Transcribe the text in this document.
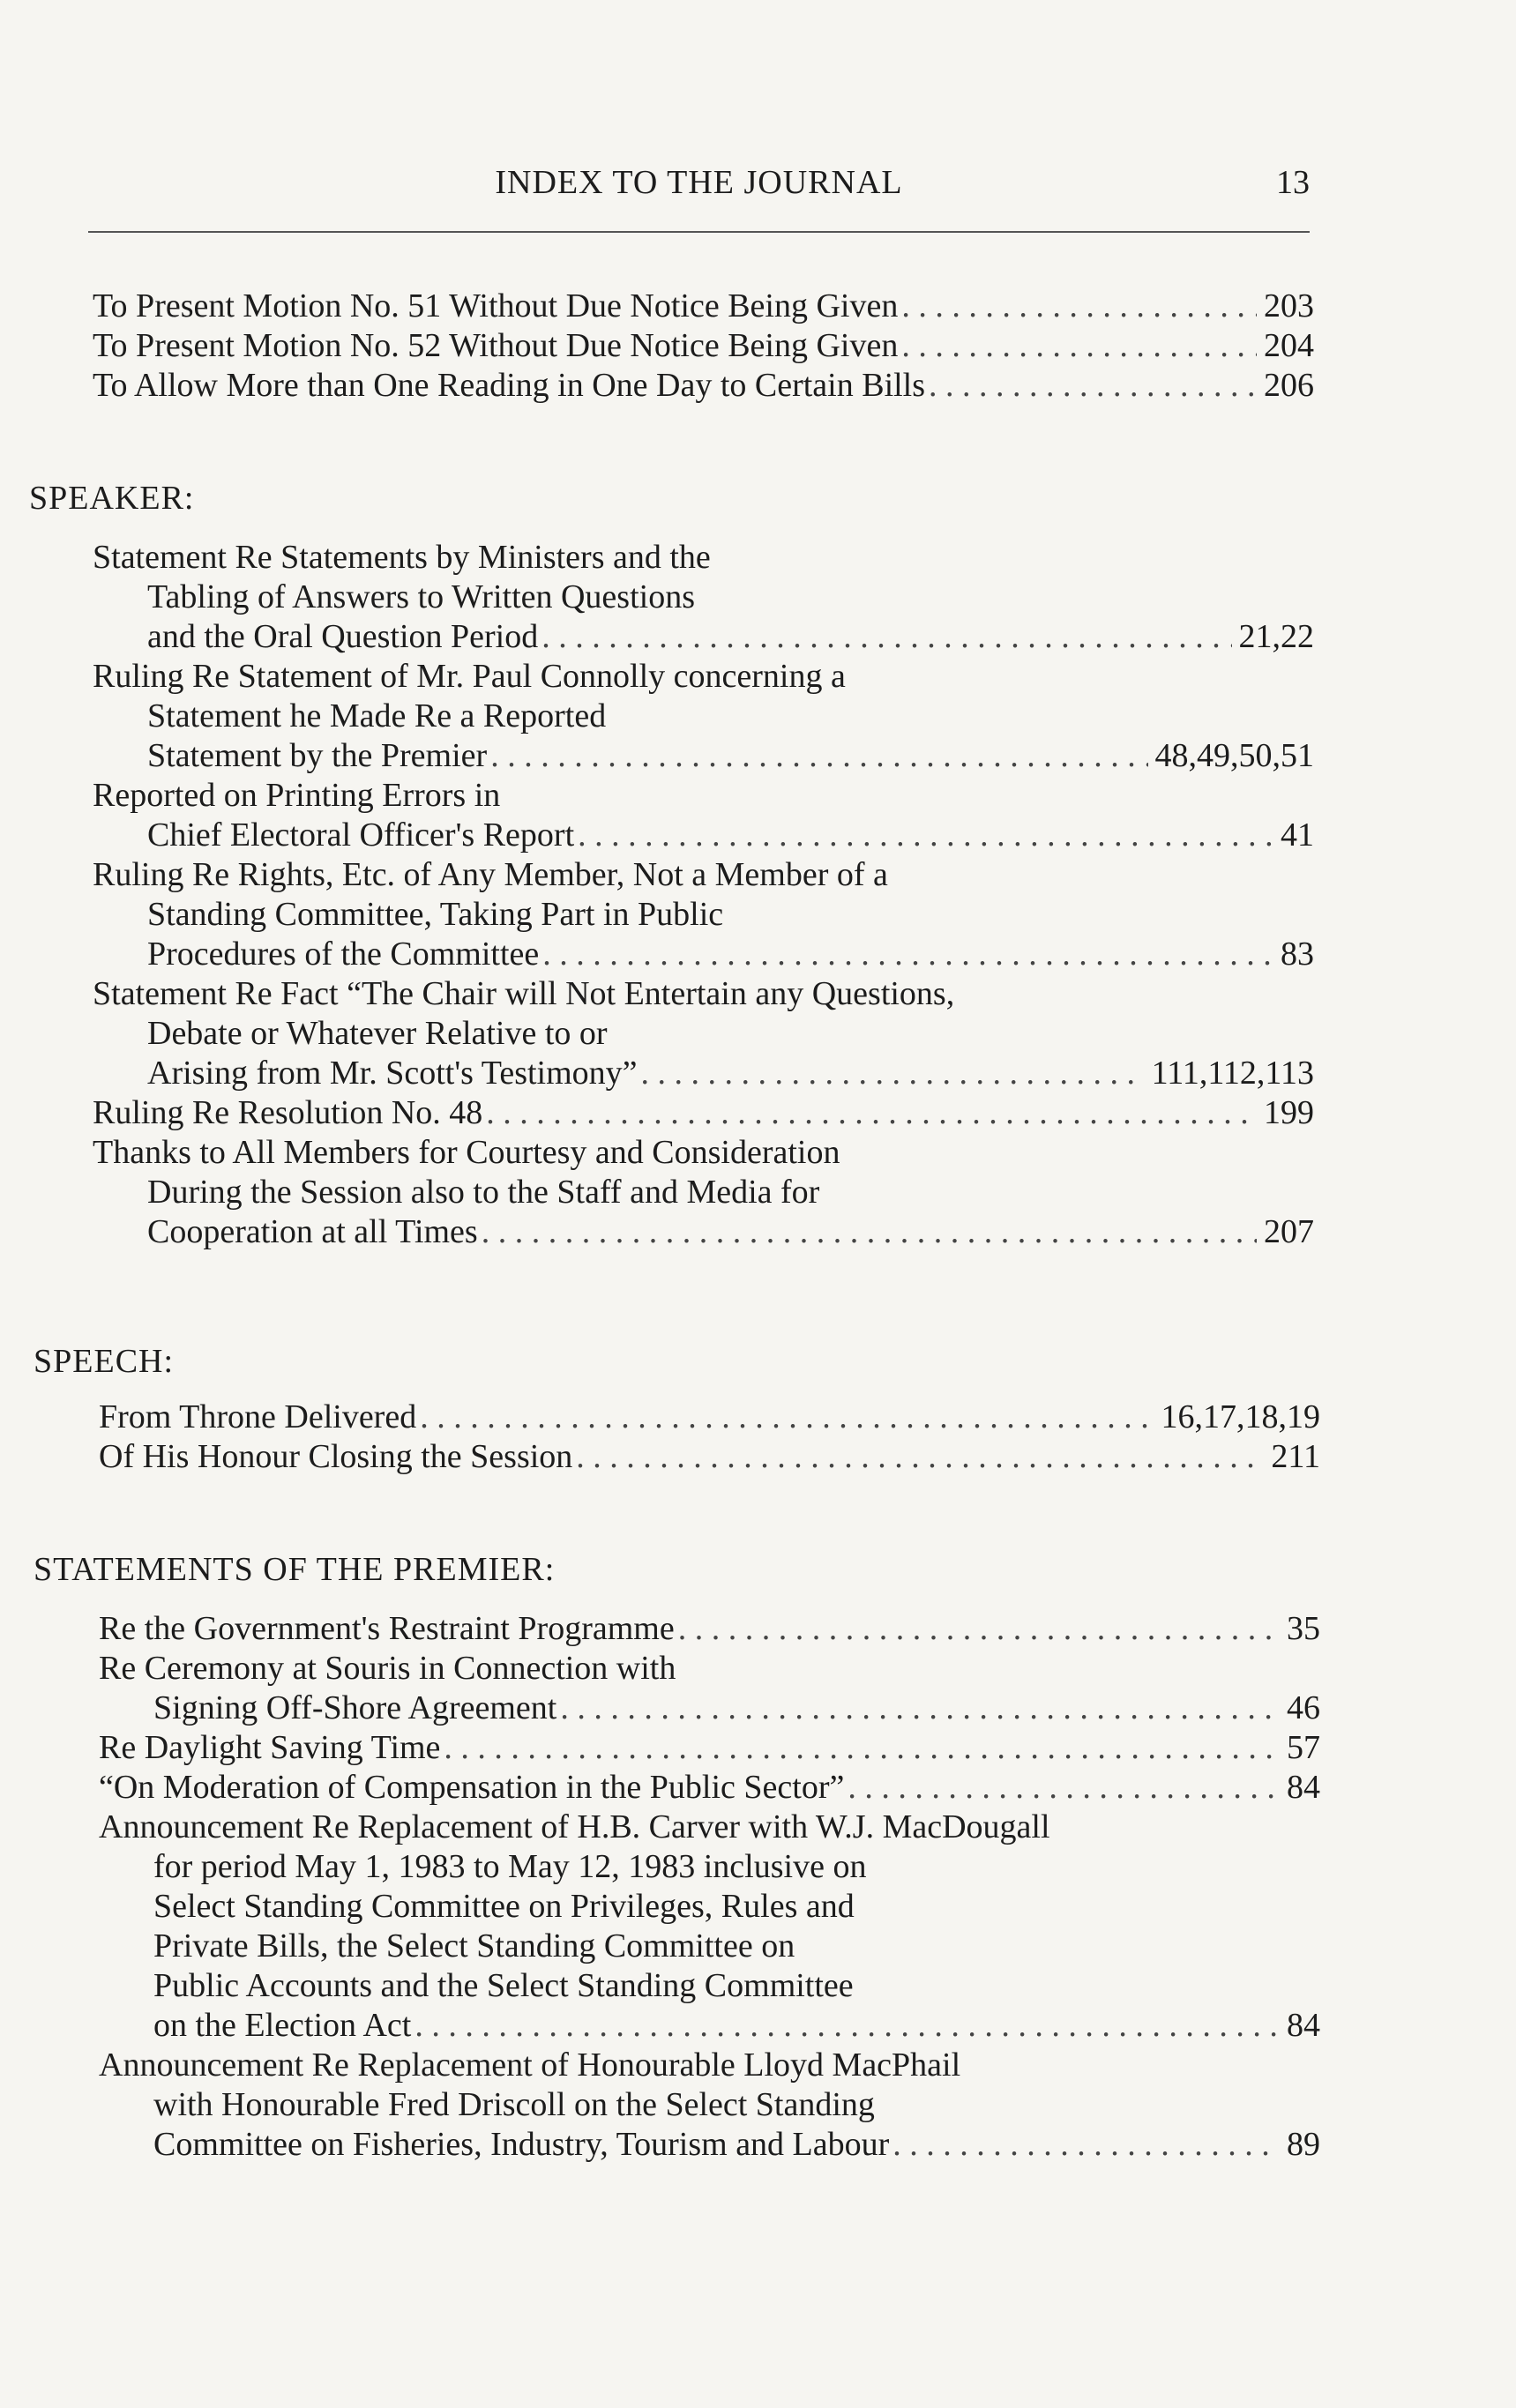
INDEX TO THE JOURNAL	13
To Present Motion No. 51 Without Due Notice Being Given . . .	203
To Present Motion No. 52 Without Due Notice Being Given . . .	204
To Allow More than One Reading in One Day to Certain Bills . . .	206
SPEAKER:
Statement Re Statements by Ministers and the
Tabling of Answers to Written Questions
and the Oral Question Period . . .	21,22
Ruling Re Statement of Mr. Paul Connolly concerning a
Statement he Made Re a Reported
Statement by the Premier . . .	48,49,50,51
Reported on Printing Errors in
Chief Electoral Officer's Report . . .	41
Ruling Re Rights, Etc. of Any Member, Not a Member of a
Standing Committee, Taking Part in Public
Procedures of the Committee . . .	83
Statement Re Fact “The Chair will Not Entertain any Questions,
Debate or Whatever Relative to or
Arising from Mr. Scott's Testimony” . . .	111,112,113
Ruling Re Resolution No. 48 . . .	199
Thanks to All Members for Courtesy and Consideration
During the Session also to the Staff and Media for
Cooperation at all Times . . .	207
SPEECH:
From Throne Delivered . . .	16,17,18,19
Of His Honour Closing the Session . . .	211
STATEMENTS OF THE PREMIER:
Re the Government's Restraint Programme . . .	35
Re Ceremony at Souris in Connection with
Signing Off-Shore Agreement . . .	46
Re Daylight Saving Time . . .	57
“On Moderation of Compensation in the Public Sector” . . .	84
Announcement Re Replacement of H.B. Carver with W.J. MacDougall
for period May 1, 1983 to May 12, 1983 inclusive on
Select Standing Committee on Privileges, Rules and
Private Bills, the Select Standing Committee on
Public Accounts and the Select Standing Committee
on the Election Act . . .	84
Announcement Re Replacement of Honourable Lloyd MacPhail
with Honourable Fred Driscoll on the Select Standing
Committee on Fisheries, Industry, Tourism and Labour . . .	89
